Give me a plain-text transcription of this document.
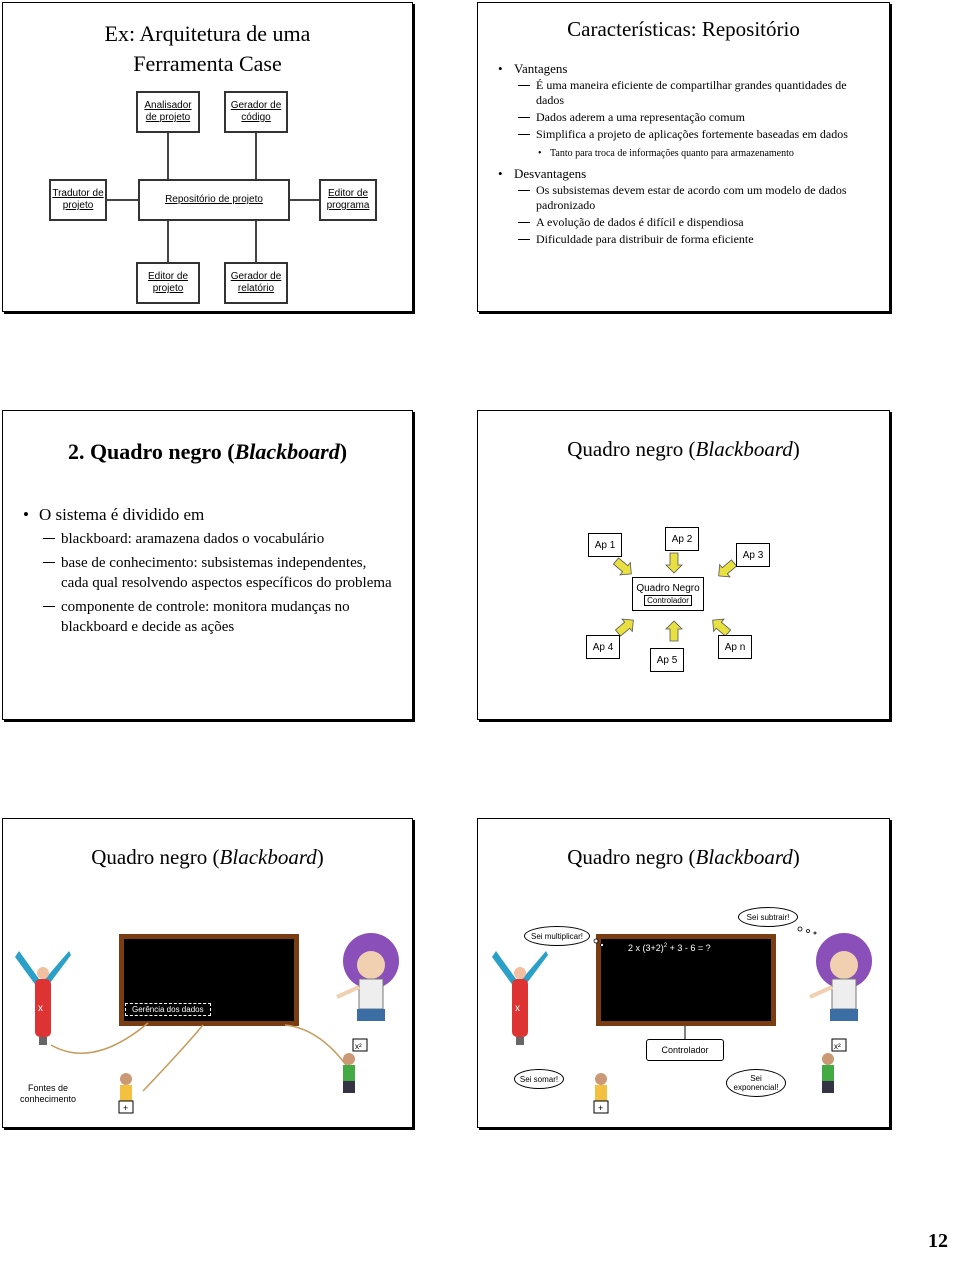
Ex: Arquitetura de uma
Ferramenta Case
Analisador de projeto
Gerador de código
Tradutor de projeto
Repositório de projeto
Editor de programa
Editor de projeto
Gerador de relatório
Características: Repositório
• Vantagens
É uma maneira eficiente de compartilhar grandes quantidades de dados
Dados aderem a uma representação comum
Simplifica a projeto de aplicações fortemente baseadas em dados
• Tanto para troca de informações quanto para armazenamento
• Desvantagens
Os subsistemas devem estar de acordo com um modelo de dados padronizado
A evolução de dados é difícil e dispendiosa
Dificuldade para distribuir de forma eficiente
2. Quadro negro (Blackboard)
• O sistema é dividido em
blackboard: aramazena dados o vocabulário
base de conhecimento: subsistemas independentes, cada qual resolvendo aspectos específicos do problema
componente de controle: monitora mudanças no blackboard e decide as ações
Quadro negro (Blackboard)
Ap 1
Ap 2
Ap 3
Quadro Negro
Controlador
Ap 4
Ap 5
Ap n
Quadro negro (Blackboard)
Gerência dos dados
x
+
x²
Fontes de conhecimento
Quadro negro (Blackboard)
2 x $(3+2)^2 + 3 - 6$ = ?
Controlador
Sei multiplicar!
Sei subtrair!
Sei somar!	Sei exponencial!
x
+
x²
12
